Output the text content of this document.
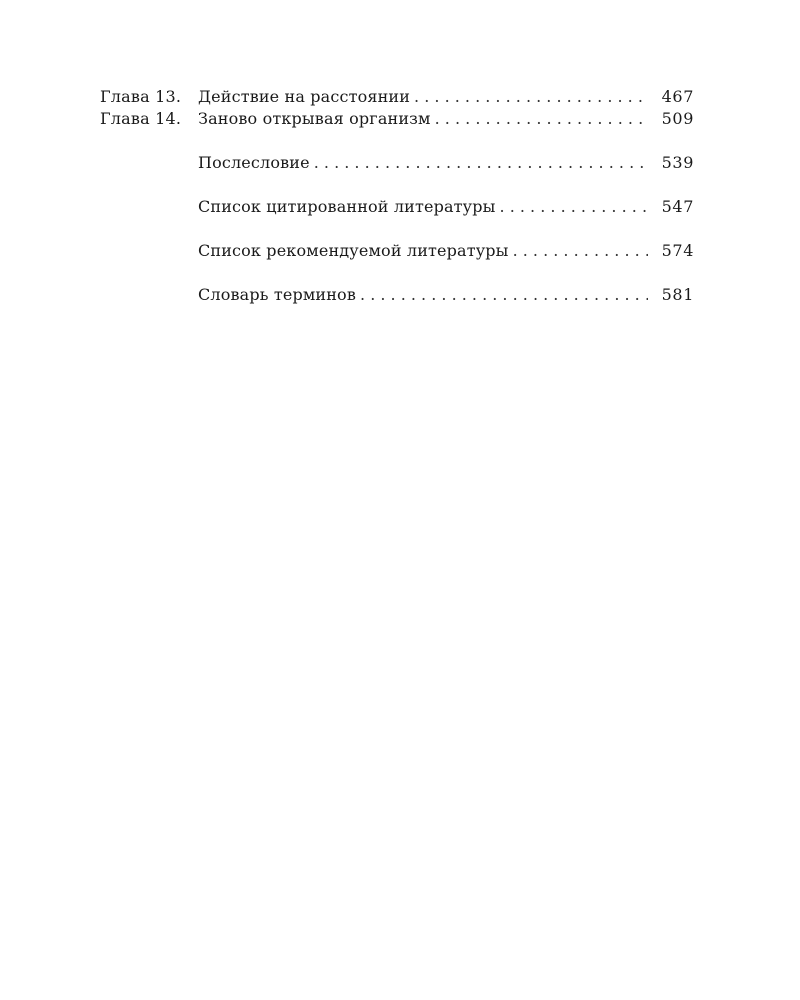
Глава 13.	Действие на расстоянии . . .	467
Глава 14.	Заново открывая организм . . .	509
Послесловие . . .	539
Список цитированной литературы . . .	547
Список рекомендуемой литературы . . .	574
Словарь терминов . . .	581
